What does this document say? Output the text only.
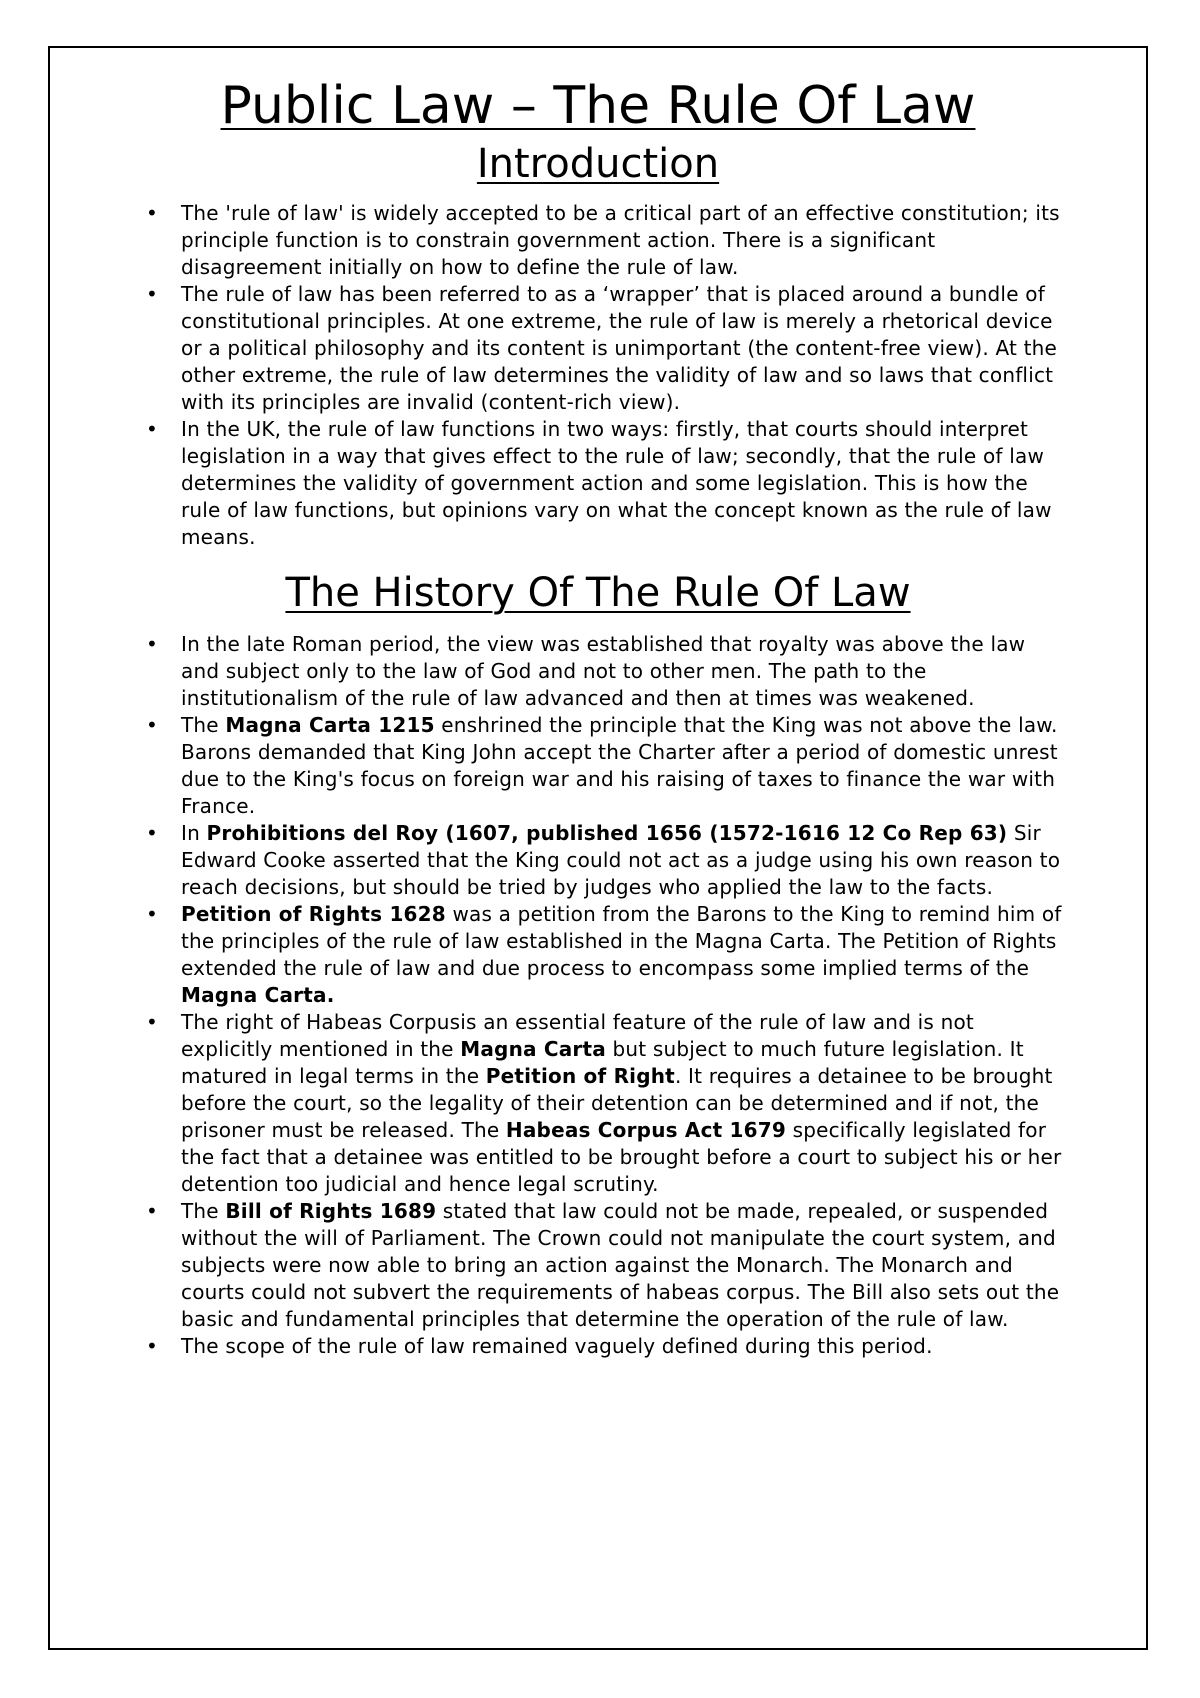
Public Law – The Rule Of Law
Introduction
• The 'rule of law' is widely accepted to be a critical part of an effective constitution; its principle function is to constrain government action. There is a significant disagreement initially on how to define the rule of law.
• The rule of law has been referred to as a ‘wrapper’ that is placed around a bundle of constitutional principles. At one extreme, the rule of law is merely a rhetorical device or a political philosophy and its content is unimportant (the content-free view). At the other extreme, the rule of law determines the validity of law and so laws that conflict with its principles are invalid (content-rich view).
• In the UK, the rule of law functions in two ways: firstly, that courts should interpret legislation in a way that gives effect to the rule of law; secondly, that the rule of law determines the validity of government action and some legislation. This is how the rule of law functions, but opinions vary on what the concept known as the rule of law means.
The History Of The Rule Of Law
• In the late Roman period, the view was established that royalty was above the law and subject only to the law of God and not to other men. The path to the institutionalism of the rule of law advanced and then at times was weakened.
• The Magna Carta 1215 enshrined the principle that the King was not above the law. Barons demanded that King John accept the Charter after a period of domestic unrest due to the King's focus on foreign war and his raising of taxes to finance the war with France.
• In Prohibitions del Roy (1607, published 1656 (1572-1616 12 Co Rep 63) Sir Edward Cooke asserted that the King could not act as a judge using his own reason to reach decisions, but should be tried by judges who applied the law to the facts.
• Petition of Rights 1628 was a petition from the Barons to the King to remind him of the principles of the rule of law established in the Magna Carta. The Petition of Rights extended the rule of law and due process to encompass some implied terms of the Magna Carta.
• The right of Habeas Corpusis an essential feature of the rule of law and is not explicitly mentioned in the Magna Carta but subject to much future legislation. It matured in legal terms in the Petition of Right. It requires a detainee to be brought before the court, so the legality of their detention can be determined and if not, the prisoner must be released. The Habeas Corpus Act 1679 specifically legislated for the fact that a detainee was entitled to be brought before a court to subject his or her detention too judicial and hence legal scrutiny.
• The Bill of Rights 1689 stated that law could not be made, repealed, or suspended without the will of Parliament. The Crown could not manipulate the court system, and subjects were now able to bring an action against the Monarch. The Monarch and courts could not subvert the requirements of habeas corpus. The Bill also sets out the basic and fundamental principles that determine the operation of the rule of law.
• The scope of the rule of law remained vaguely defined during this period.
